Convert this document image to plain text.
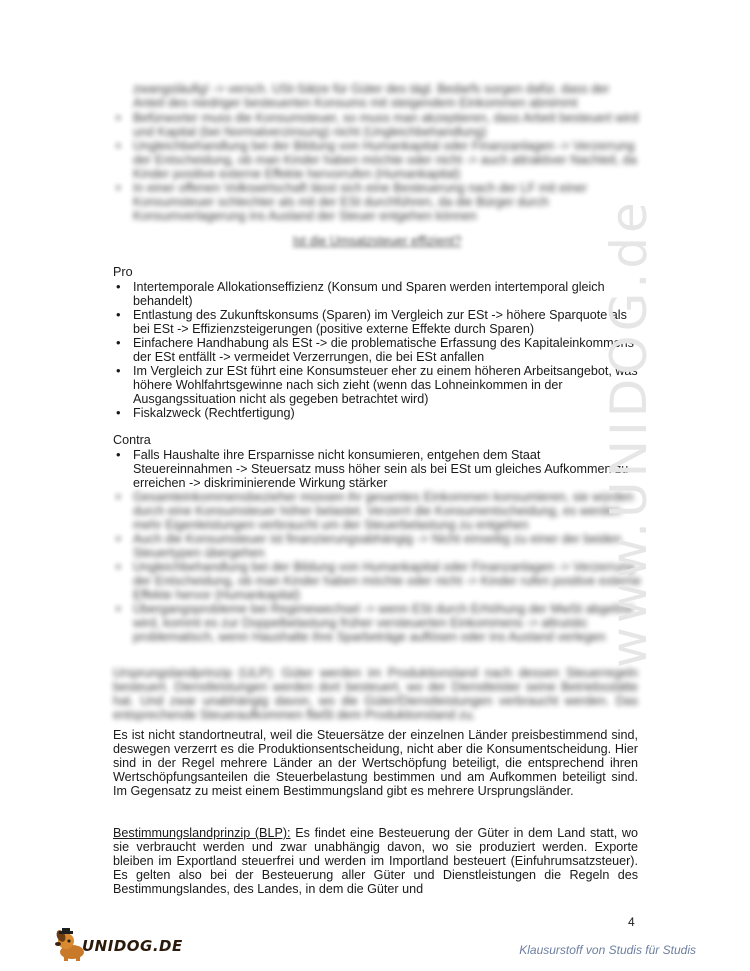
zwangsläufig! -> versch. USt-Sätze für Güter des tägl. Bedarfs sorgen dafür, dass der Anteil des niedriger besteuerten Konsums mit steigendem Einkommen abnimmt
• Befürworter muss die Konsumsteuer, so muss man akzeptieren, dass Arbeit besteuert wird und Kapital (bei Normalverzinsung) nicht (Ungleichbehandlung)
• Ungleichbehandlung bei der Bildung von Humankapital oder Finanzanlagen -> Verzerrung der Entscheidung, ob man Kinder haben möchte oder nicht -> auch attraktiver Nachteil, da Kinder positive externe Effekte hervorrufen (Humankapital)
• In einer offenen Volkswirtschaft lässt sich eine Besteuerung nach der LF mit einer Konsumsteuer schlechter als mit der ESt durchführen, da die Bürger durch Konsumverlagerung ins Ausland der Steuer entgehen können
Ist die Umsatzsteuer effizient?
Pro
• Intertemporale Allokationseffizienz (Konsum und Sparen werden intertemporal gleich behandelt)
• Entlastung des Zukunftskonsums (Sparen) im Vergleich zur ESt -> höhere Sparquote als bei ESt -> Effizienzsteigerungen (positive externe Effekte durch Sparen)
• Einfachere Handhabung als ESt -> die problematische Erfassung des Kapitaleinkommens der ESt entfällt -> vermeidet Verzerrungen, die bei ESt anfallen
• Im Vergleich zur ESt führt eine Konsumsteuer eher zu einem höheren Arbeitsangebot, was höhere Wohlfahrtsgewinne nach sich zieht (wenn das Lohneinkommen in der Ausgangssituation nicht als gegeben betrachtet wird)
• Fiskalzweck (Rechtfertigung)
Contra
• Falls Haushalte ihre Ersparnisse nicht konsumieren, entgehen dem Staat Steuereinnahmen -> Steuersatz muss höher sein als bei ESt um gleiches Aufkommen zu erreichen -> diskriminierende Wirkung stärker
• Gesamteinkommensbezieher müssen ihr gesamtes Einkommen konsumieren, sie würden durch eine Konsumsteuer höher belastet. Verzerrt die Konsumentscheidung, es werden mehr Eigenleistungen verbraucht um der Steuerbelastung zu entgehen
• Auch die Konsumsteuer ist finanzierungsabhängig -> Nicht einseitig zu einer der beiden Steuertypen übergehen
• Ungleichbehandlung bei der Bildung von Humankapital oder Finanzanlagen -> Verzerrung der Entscheidung, ob man Kinder haben möchte oder nicht -> Kinder rufen positive externe Effekte hervor (Humankapital)
• Übergangsprobleme bei Regimewechsel -> wenn ESt durch Erhöhung der MwSt abgelöst wird, kommt es zur Doppelbelastung früher versteuerten Einkommens -> altruistic problematisch, wenn Haushalte ihre Sparbeträge auflösen oder ins Ausland verlegen
Ursprungslandprinzip (ULP): Güter werden im Produktionsland nach dessen Steuerregeln besteuert. Dienstleistungen werden dort besteuert, wo der Dienstleister seine Betriebsstätte hat. Und zwar unabhängig davon, wo die Güter/Dienstleistungen verbraucht werden. Das entsprechende Steueraufkommen fließt dem Produktionsland zu.
Es ist nicht standortneutral, weil die Steuersätze der einzelnen Länder preisbestimmend sind, deswegen verzerrt es die Produktionsentscheidung, nicht aber die Konsumentscheidung. Hier sind in der Regel mehrere Länder an der Wertschöpfung beteiligt, die entsprechend ihren Wertschöpfungsanteilen die Steuerbelastung bestimmen und am Aufkommen beteiligt sind. Im Gegensatz zu meist einem Bestimmungsland gibt es mehrere Ursprungsländer.
Bestimmungslandprinzip (BLP): Es findet eine Besteuerung der Güter in dem Land statt, wo sie verbraucht werden und zwar unabhängig davon, wo sie produziert werden. Exporte bleiben im Exportland steuerfrei und werden im Importland besteuert (Einfuhrumsatzsteuer). Es gelten also bei der Besteuerung aller Güter und Dienstleistungen die Regeln des Bestimmungslandes, des Landes, in dem die Güter und
4
UNIDOG.DE	Klausurstoff von Studis für Studis
www.UNIDOG.de
